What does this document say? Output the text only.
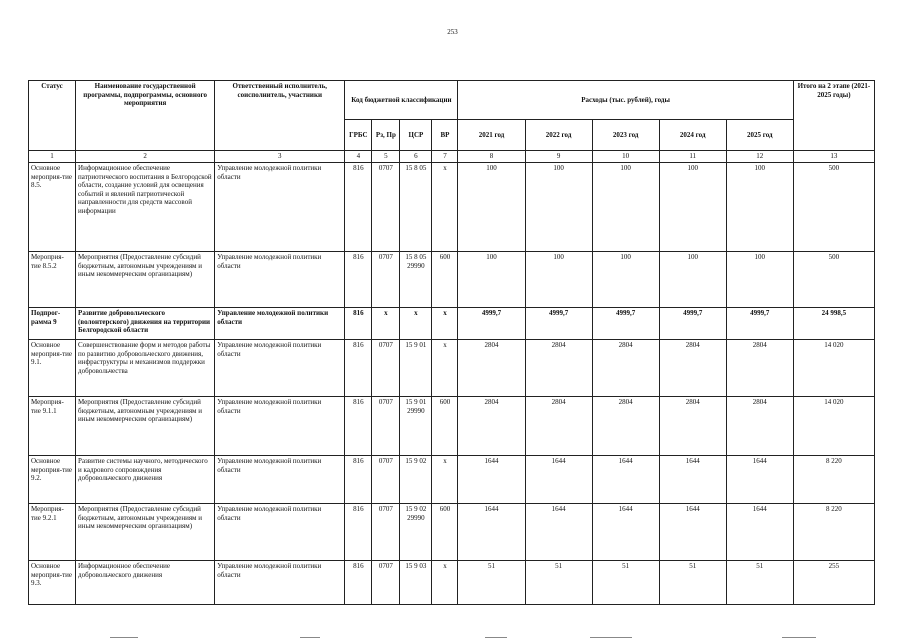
253
Статус	Наименование государственной программы, подпрограммы, основного мероприятия	Ответственный исполнитель, соисполнитель, участники	Код бюджетной классификации				Расходы (тыс. рублей), годы					Итого на 2 этапе (2021-2025 годы)
			ГРБС	Рз, Пр	ЦСР	ВР	2021 год	2022 год	2023 год	2024 год	2025 год	
1	2	3	4	5	6	7	8	9	10	11	12	13
Основное мероприя-тие 8.5.	Информационное обеспечение патриотического воспитания в Белгородской области, создание условий для освещения событий и явлений патриотической направленности для средств массовой информации	Управление молодежной политики области	816	0707	15 8 05	x	100	100	100	100	100	500
Мероприя-тие 8.5.2	Мероприятия (Предоставление субсидий бюджетным, автономным учреждениям и иным некоммерческим организациям)	Управление молодежной политики области	816	0707	15 8 05 29990	600	100	100	100	100	100	500
Подпрог-рамма 9	Развитие добровольческого (волонтерского) движения на территории Белгородской области	Управление молодежной политики области	816	x	x	x	4999,7	4999,7	4999,7	4999,7	4999,7	24 998,5
Основное мероприя-тие 9.1.	Совершенствование форм и методов работы по развитию добровольческого движения, инфраструктуры и механизмов поддержки добровольчества	Управление молодежной политики области	816	0707	15 9 01	x	2804	2804	2804	2804	2804	14 020
Мероприя-тие 9.1.1	Мероприятия (Предоставление субсидий бюджетным, автономным учреждениям и иным некоммерческим организациям)	Управление молодежной политики области	816	0707	15 9 01 29990	600	2804	2804	2804	2804	2804	14 020
Основное мероприя-тие 9.2.	Развитие системы научного, методического и кадрового сопровождения добровольческого движения	Управление молодежной политики области	816	0707	15 9 02	x	1644	1644	1644	1644	1644	8 220
Мероприя-тие 9.2.1	Мероприятия (Предоставление субсидий бюджетным, автономным учреждениям и иным некоммерческим организациям)	Управление молодежной политики области	816	0707	15 9 02 29990	600	1644	1644	1644	1644	1644	8 220
Основное мероприя-тие 9.3.	Информационное обеспечение добровольческого движения	Управление молодежной политики области	816	0707	15 9 03	x	51	51	51	51	51	255
